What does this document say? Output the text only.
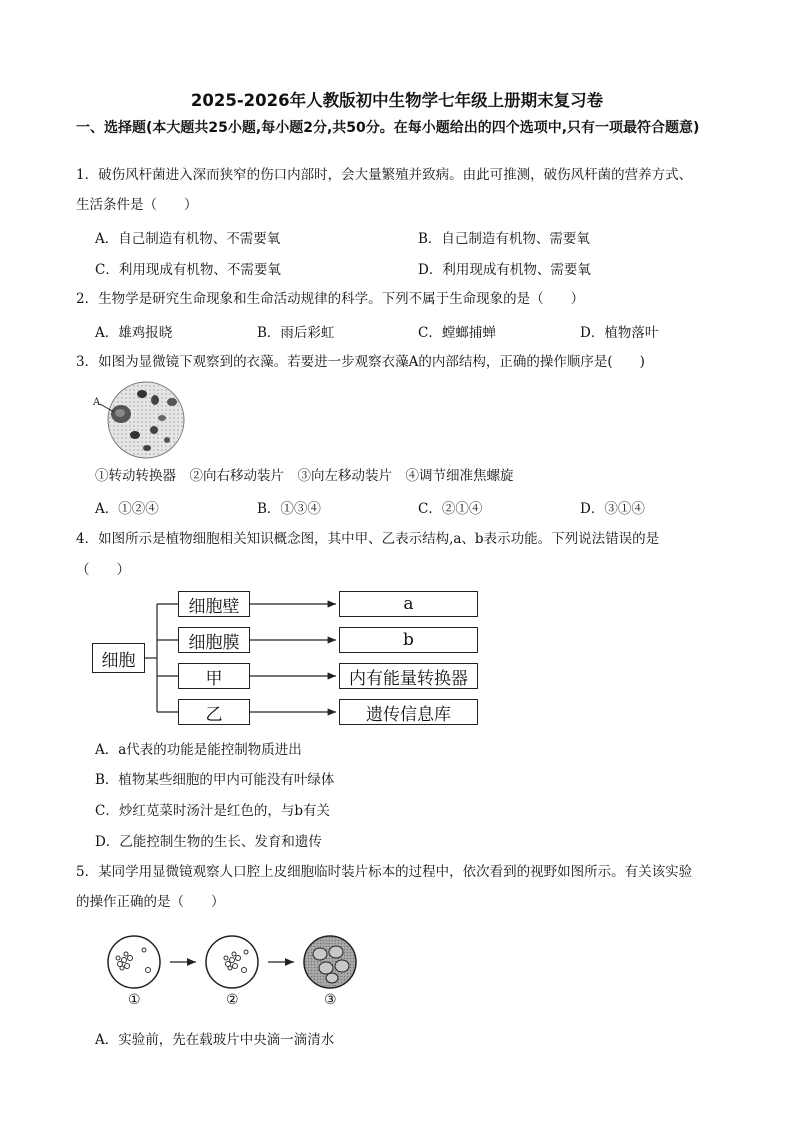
2025-2026年人教版初中生物学七年级上册期末复习卷
一、选择题(本大题共25小题,每小题2分,共50分。在每小题给出的四个选项中,只有一项最符合题意)
1．破伤风杆菌进入深而狭窄的伤口内部时，会大量繁殖并致病。由此可推测，破伤风杆菌的营养方式、
生活条件是（　　）
A．自己制造有机物、不需要氧	B．自己制造有机物、需要氧
C．利用现成有机物、不需要氧	D．利用现成有机物、需要氧
2．生物学是研究生命现象和生命活动规律的科学。下列不属于生命现象的是（　　）
A．雄鸡报晓	B．雨后彩虹	C．螳螂捕蝉	D．植物落叶
3．如图为显微镜下观察到的衣藻。若要进一步观察衣藻A的内部结构，正确的操作顺序是(　　)
A
①转动转换器　②向右移动装片　③向左移动装片　④调节细准焦螺旋
A．①②④	B．①③④	C．②①④	D．③①④
4．如图所示是植物细胞相关知识概念图，其中甲、乙表示结构,a、b表示功能。下列说法错误的是
（　　）
细胞
细胞壁
细胞膜
甲
乙
a
b
内有能量转换器
遗传信息库
A．a代表的功能是能控制物质进出
B．植物某些细胞的甲内可能没有叶绿体
C．炒红苋菜时汤汁是红色的，与b有关
D．乙能控制生物的生长、发育和遗传
5．某同学用显微镜观察人口腔上皮细胞临时装片标本的过程中，依次看到的视野如图所示。有关该实验
的操作正确的是（　　）
①	②	③
A．实验前，先在载玻片中央滴一滴清水
